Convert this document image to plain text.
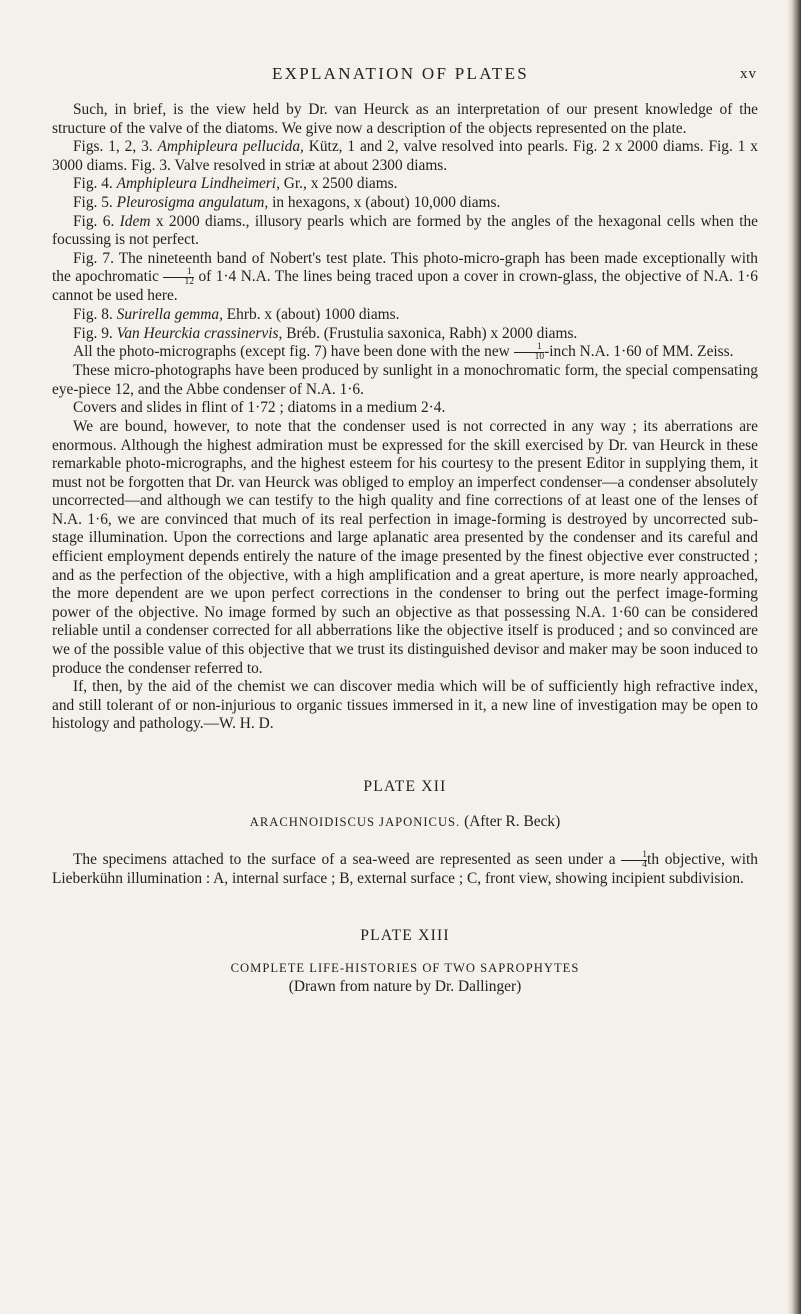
EXPLANATION OF PLATES	xv

Such, in brief, is the view held by Dr. van Heurck as an interpretation of our present knowledge of the structure of the valve of the diatoms. We give now a description of the objects represented on the plate.

Figs. 1, 2, 3. Amphipleura pellucida, Kütz, 1 and 2, valve resolved into pearls. Fig. 2 x 2000 diams. Fig. 1 x 3000 diams. Fig. 3. Valve resolved in striæ at about 2300 diams.

Fig. 4. Amphipleura Lindheimeri, Gr., x 2500 diams.

Fig. 5. Pleurosigma angulatum, in hexagons, x (about) 10,000 diams.

Fig. 6. Idem x 2000 diams., illusory pearls which are formed by the angles of the hexagonal cells when the focussing is not perfect.

Fig. 7. The nineteenth band of Nobert's test plate. This photo-micro-graph has been made exceptionally with the apochromatic $\frac{1}{12}$ of 1·4 N.A. The lines being traced upon a cover in crown-glass, the objective of N.A. 1·6 cannot be used here.

Fig. 8. Surirella gemma, Ehrb. x (about) 1000 diams.

Fig. 9. Van Heurckia crassinervis, Bréb. (Frustulia saxonica, Rabh) x 2000 diams.

All the photo-micrographs (except fig. 7) have been done with the new $\frac{1}{10}$ -inch N.A. 1·60 of MM. Zeiss.

These micro-photographs have been produced by sunlight in a monochromatic form, the special compensating eye-piece 12, and the Abbe condenser of N.A. 1·6.

Covers and slides in flint of 1·72 ; diatoms in a medium 2·4.

We are bound, however, to note that the condenser used is not corrected in any way ; its aberrations are enormous. Although the highest admiration must be expressed for the skill exercised by Dr. van Heurck in these remarkable photo-micrographs, and the highest esteem for his courtesy to the present Editor in supplying them, it must not be forgotten that Dr. van Heurck was obliged to employ an imperfect condenser—a condenser absolutely uncorrected—and although we can testify to the high quality and fine corrections of at least one of the lenses of N.A. 1·6, we are convinced that much of its real perfection in image-forming is destroyed by uncorrected sub-stage illumination. Upon the corrections and large aplanatic area presented by the condenser and its careful and efficient employment depends entirely the nature of the image presented by the finest objective ever constructed ; and as the perfection of the objective, with a high amplification and a great aperture, is more nearly approached, the more dependent are we upon perfect corrections in the condenser to bring out the perfect image-forming power of the objective. No image formed by such an objective as that possessing N.A. 1·60 can be considered reliable until a condenser corrected for all abberrations like the objective itself is produced ; and so convinced are we of the possible value of this objective that we trust its distinguished devisor and maker may be soon induced to produce the condenser referred to.

If, then, by the aid of the chemist we can discover media which will be of sufficiently high refractive index, and still tolerant of or non-injurious to organic tissues immersed in it, a new line of investigation may be open to histology and pathology.—W. H. D.

PLATE XII

ARACHNOIDISCUS JAPONICUS. (After R. Beck)

The specimens attached to the surface of a sea-weed are represented as seen under a $\frac{1}{4}$ th objective, with Lieberkühn illumination : A, internal surface ; B, external surface ; C, front view, showing incipient subdivision.

PLATE XIII

COMPLETE LIFE-HISTORIES OF TWO SAPROPHYTES

(Drawn from nature by Dr. Dallinger)
